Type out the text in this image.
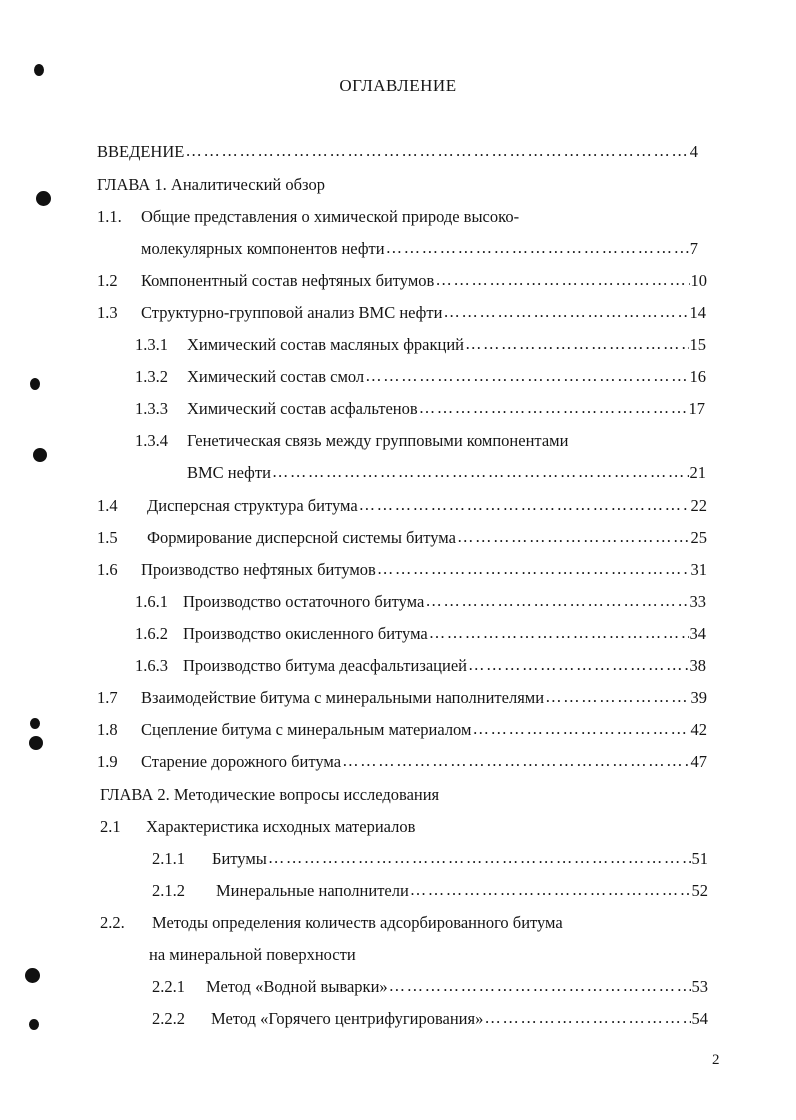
ОГЛАВЛЕНИЕ
ВВЕДЕНИЕ ……………………………………………………………………………………………………………………………………………………………………………………	4
ГЛАВА 1. Аналитический обзор
1.1.	Общие представления о химической природе высоко-
молекулярных компонентов нефти ……………………………………………………………………………………………………………………………………………………………………………………	7
1.2	Компонентный состав нефтяных битумов ……………………………………………………………………………………………………………………………………………………………………………………	10
1.3	Структурно-групповой анализ ВМС нефти ……………………………………………………………………………………………………………………………………………………………………………………	14
1.3.1	Химический состав масляных фракций ……………………………………………………………………………………………………………………………………………………………………………………	15
1.3.2	Химический состав смол ……………………………………………………………………………………………………………………………………………………………………………………	16
1.3.3	Химический состав асфальтенов ……………………………………………………………………………………………………………………………………………………………………………………	17
1.3.4	Генетическая связь между групповыми компонентами
ВМС нефти ……………………………………………………………………………………………………………………………………………………………………………………	21
1.4	Дисперсная структура битума ……………………………………………………………………………………………………………………………………………………………………………………	22
1.5	Формирование дисперсной системы битума ……………………………………………………………………………………………………………………………………………………………………………………	25
1.6	Производство нефтяных битумов ……………………………………………………………………………………………………………………………………………………………………………………	31
1.6.1 Производство остаточного битума ……………………………………………………………………………………………………………………………………………………………………………………	33
1.6.2 Производство окисленного битума ……………………………………………………………………………………………………………………………………………………………………………………	34
1.6.3 Производство битума деасфальтизацией ……………………………………………………………………………………………………………………………………………………………………………………	38
1.7	Взаимодействие битума с минеральными наполнителями ……………………………………………………………………………………………………………………………………………………………………………………	39
1.8	Сцепление битума с минеральным материалом ……………………………………………………………………………………………………………………………………………………………………………………	42
1.9	Старение дорожного битума ……………………………………………………………………………………………………………………………………………………………………………………	47
ГЛАВА 2. Методические вопросы исследования
2.1	Характеристика исходных материалов
2.1.1	Битумы ……………………………………………………………………………………………………………………………………………………………………………………	51
2.1.2	Минеральные наполнители ……………………………………………………………………………………………………………………………………………………………………………………	52
2.2.	Методы определения количеств адсорбированного битума
на минеральной поверхности
2.2.1	Метод «Водной выварки» ……………………………………………………………………………………………………………………………………………………………………………………	53
2.2.2	Метод «Горячего центрифугирования» ……………………………………………………………………………………………………………………………………………………………………………………	54
2
